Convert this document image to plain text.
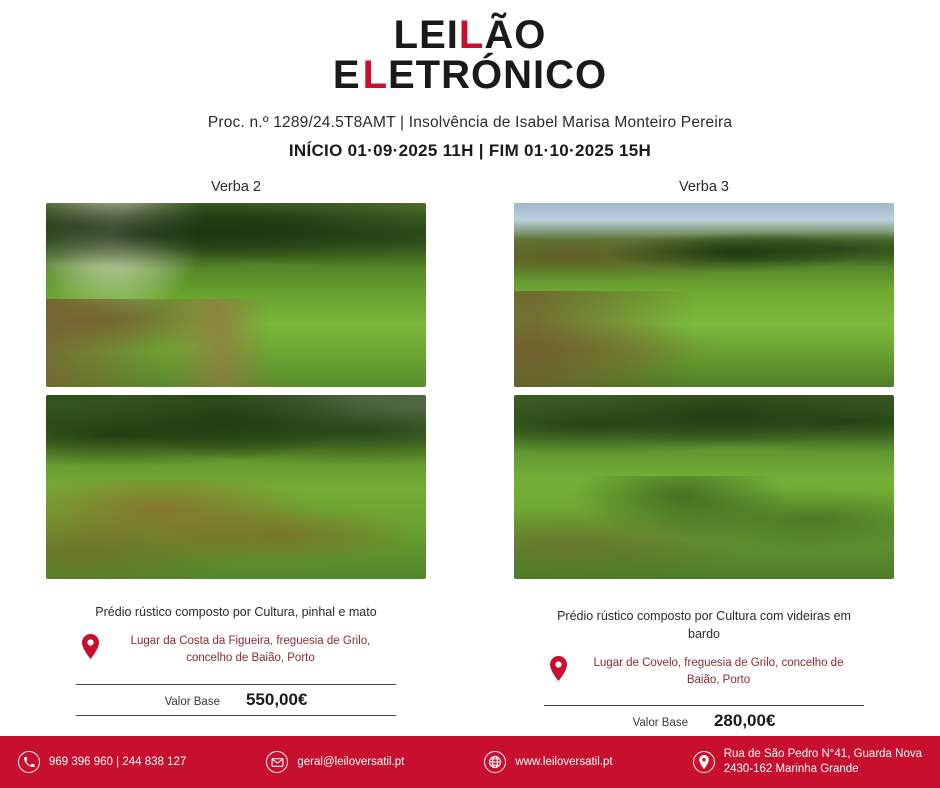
LEILÃO
ELETRÓNICO
Proc. n.º 1289/24.5T8AMT | Insolvência de Isabel Marisa Monteiro Pereira
INÍCIO 01·09·2025 11H | FIM 01·10·2025 15H
Verba 2
Prédio rústico composto por Cultura, pinhal e mato
Lugar da Costa da Figueira, freguesia de Grilo, concelho de Baião, Porto
Valor Base 550,00€
Verba 3
Prédio rústico composto por Cultura com videiras em bardo
Lugar de Covelo, freguesia de Grilo, concelho de Baião, Porto
Valor Base 280,00€
969 396 960 | 244 838 127	geral@leiloversatil.pt	www.leiloversatil.pt
Rua de São Pedro N°41, Guarda Nova
2430-162 Marinha Grande
